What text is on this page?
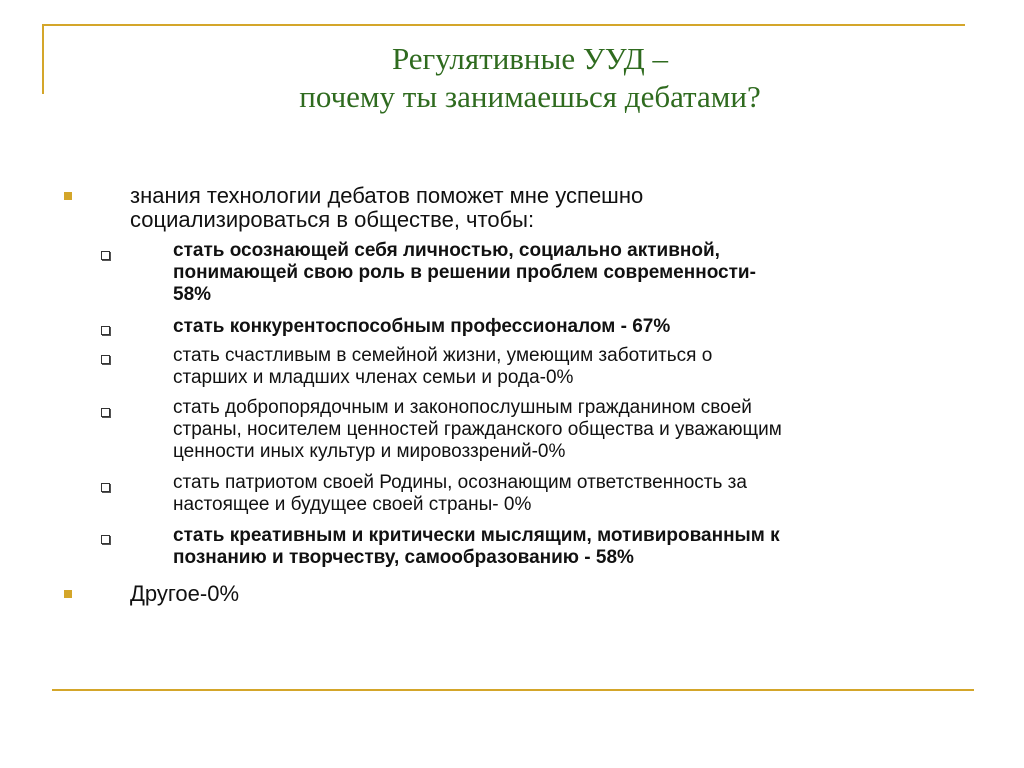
Регулятивные УУД –
почему ты занимаешься дебатами?
знания технологии дебатов поможет мне успешно
социализироваться в обществе, чтобы:
стать осознающей себя личностью, социально активной,
понимающей свою роль в решении проблем современности-
58%
стать конкурентоспособным профессионалом - 67%
стать счастливым в семейной жизни, умеющим заботиться о
старших и младших членах семьи и рода-0%
стать добропорядочным и законопослушным гражданином своей
страны, носителем ценностей гражданского общества и уважающим
ценности иных культур и мировоззрений-0%
стать патриотом своей Родины, осознающим ответственность за
настоящее и будущее своей страны- 0%
стать креативным и критически мыслящим, мотивированным к
познанию и творчеству, самообразованию - 58%
Другое-0%
